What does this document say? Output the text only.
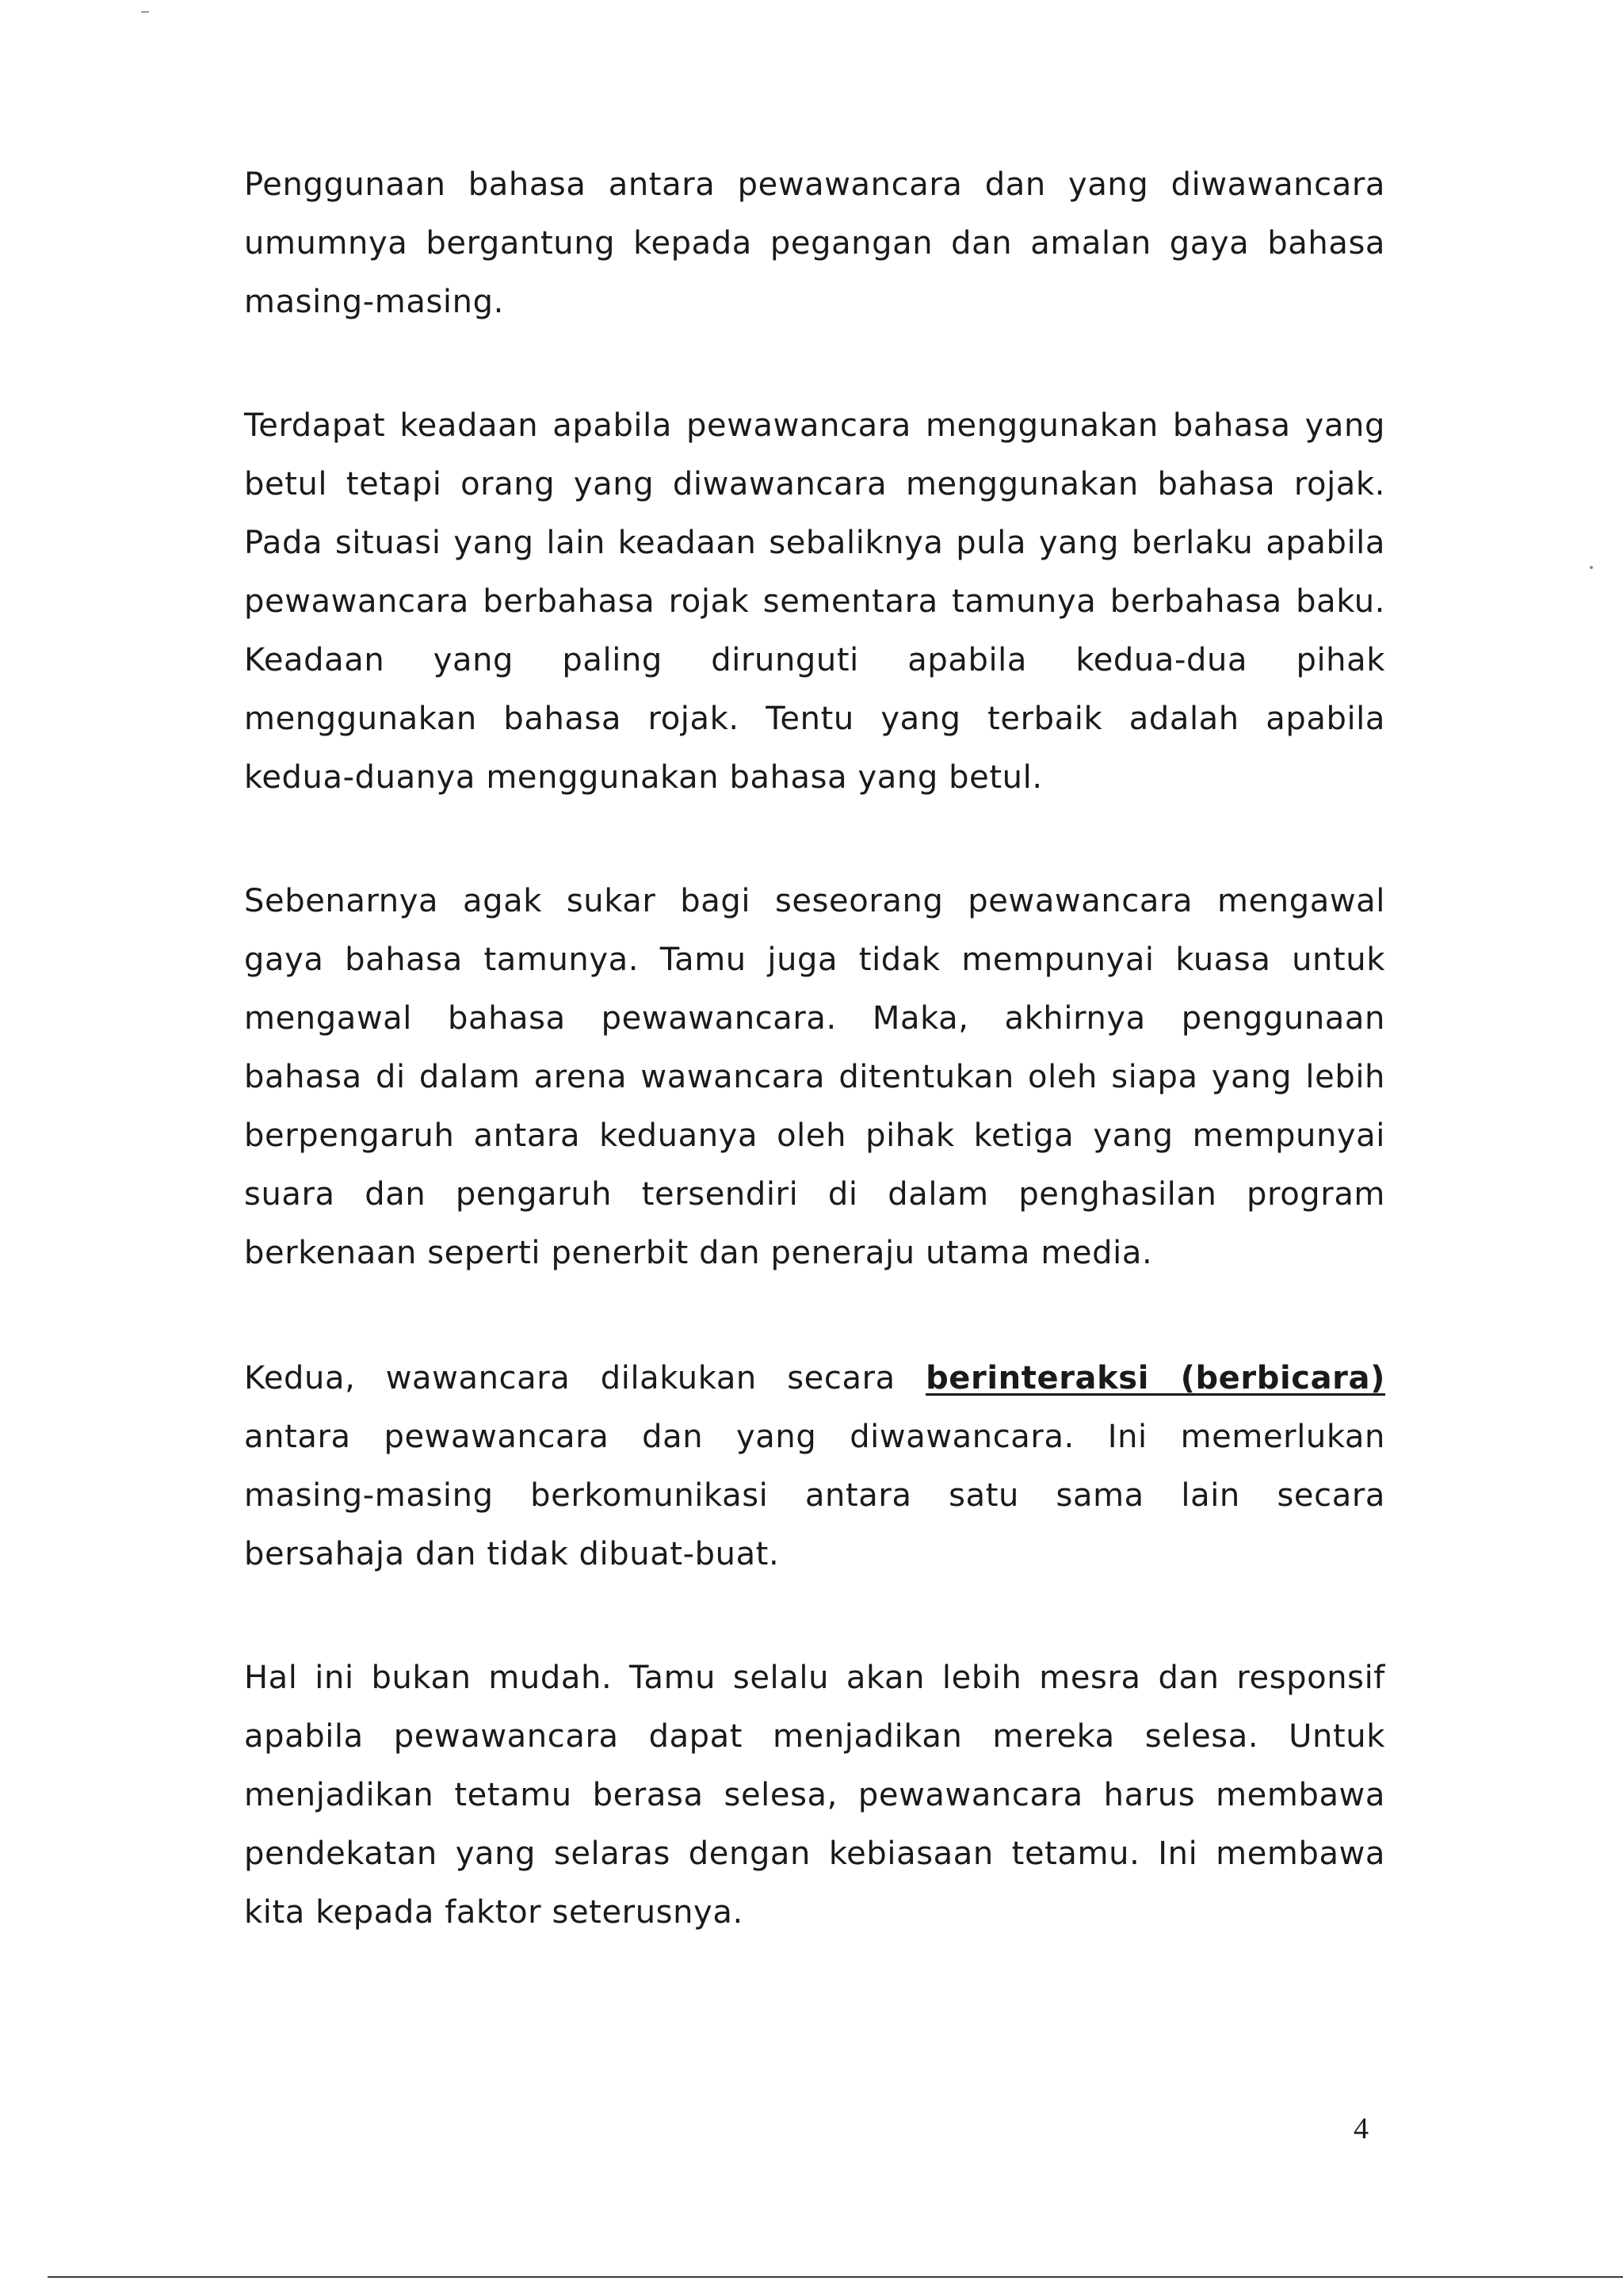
Penggunaan bahasa antara pewawancara dan yang diwawancara umumnya bergantung kepada pegangan dan amalan gaya bahasa masing-masing.

Terdapat keadaan apabila pewawancara menggunakan bahasa yang betul tetapi orang yang diwawancara menggunakan bahasa rojak. Pada situasi yang lain keadaan sebaliknya pula yang berlaku apabila pewawancara berbahasa rojak sementara tamunya berbahasa baku. Keadaan yang paling dirunguti apabila kedua-dua pihak menggunakan bahasa rojak. Tentu yang terbaik adalah apabila kedua-duanya menggunakan bahasa yang betul.

Sebenarnya agak sukar bagi seseorang pewawancara mengawal gaya bahasa tamunya. Tamu juga tidak mempunyai kuasa untuk mengawal bahasa pewawancara. Maka, akhirnya penggunaan bahasa di dalam arena wawancara ditentukan oleh siapa yang lebih berpengaruh antara keduanya oleh pihak ketiga yang mempunyai suara dan pengaruh tersendiri di dalam penghasilan program berkenaan seperti penerbit dan peneraju utama media.

Kedua, wawancara dilakukan secara berinteraksi (berbicara) antara pewawancara dan yang diwawancara. Ini memerlukan masing-masing berkomunikasi antara satu sama lain secara bersahaja dan tidak dibuat-buat.

Hal ini bukan mudah. Tamu selalu akan lebih mesra dan responsif apabila pewawancara dapat menjadikan mereka selesa. Untuk menjadikan tetamu berasa selesa, pewawancara harus membawa pendekatan yang selaras dengan kebiasaan tetamu. Ini membawa kita kepada faktor seterusnya.

4
